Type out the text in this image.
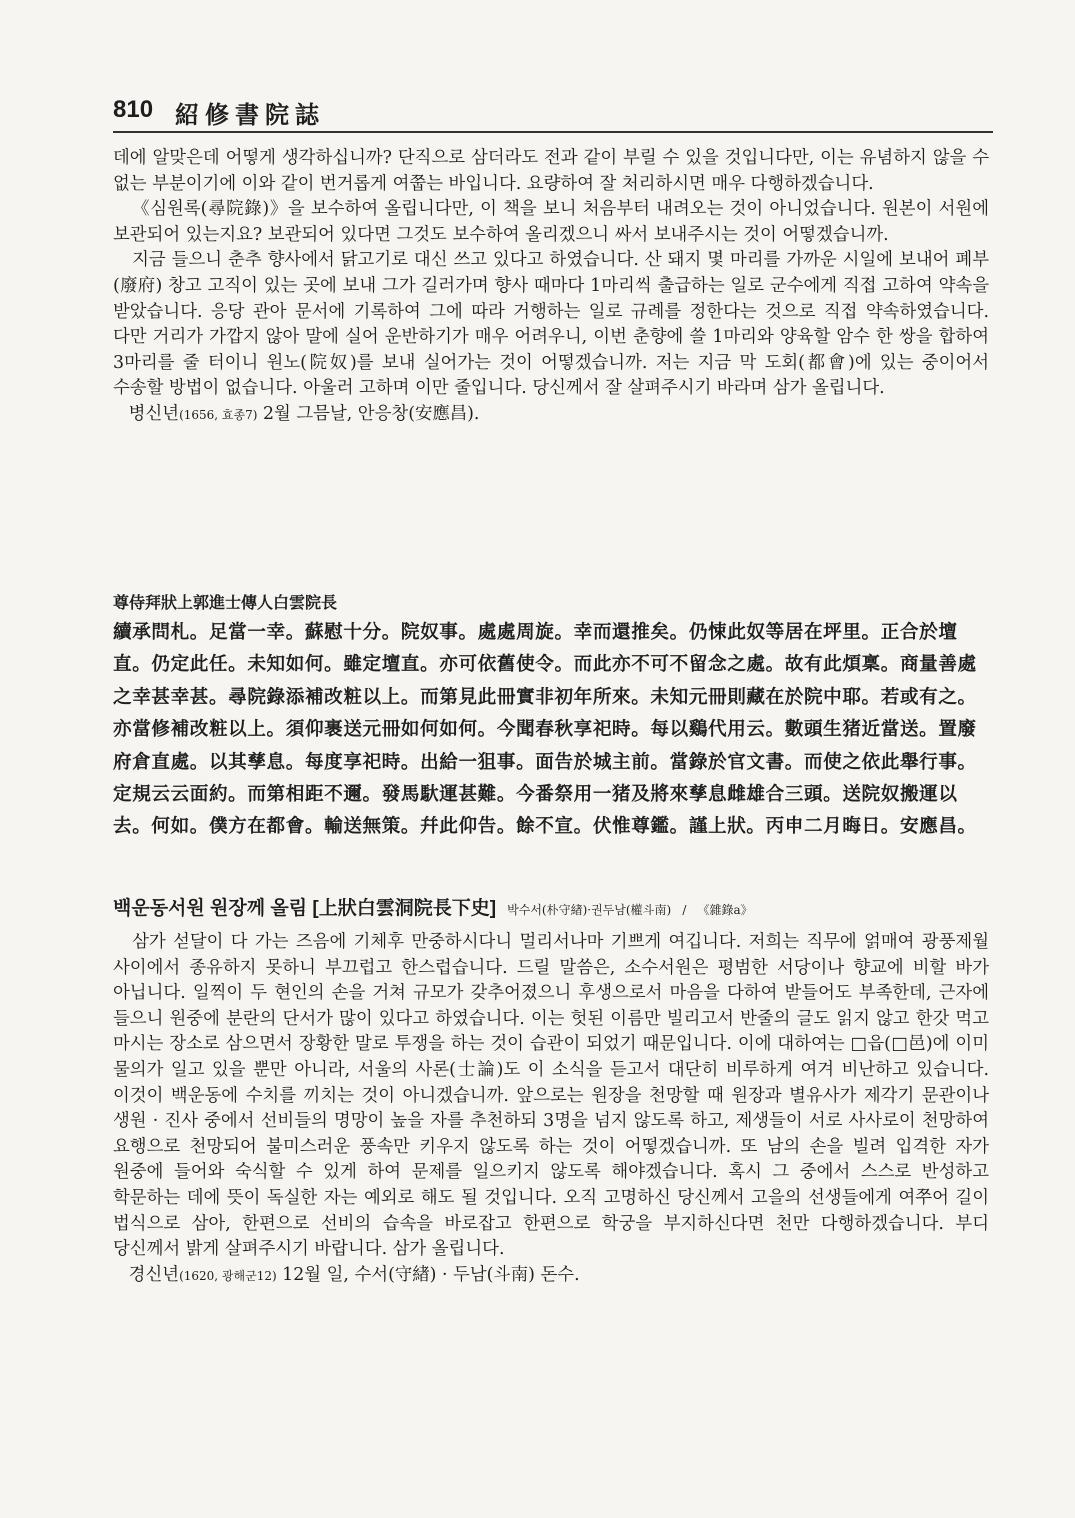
810 紹修書院誌

데에 알맞은데 어떻게 생각하십니까? 단직으로 삼더라도 전과 같이 부릴 수 있을 것입니다만, 이는 유념하지 않을 수 없는 부분이기에 이와 같이 번거롭게 여쭙는 바입니다. 요량하여 잘 처리하시면 매우 다행하겠습니다.

《심원록(尋院錄)》을 보수하여 올립니다만, 이 책을 보니 처음부터 내려오는 것이 아니었습니다. 원본이 서원에 보관되어 있는지요? 보관되어 있다면 그것도 보수하여 올리겠으니 싸서 보내주시는 것이 어떻겠습니까.

지금 들으니 춘추 향사에서 닭고기로 대신 쓰고 있다고 하였습니다. 산 돼지 몇 마리를 가까운 시일에 보내어 폐부(廢府) 창고 고직이 있는 곳에 보내 그가 길러가며 향사 때마다 1마리씩 출급하는 일로 군수에게 직접 고하여 약속을 받았습니다. 응당 관아 문서에 기록하여 그에 따라 거행하는 일로 규례를 정한다는 것으로 직접 약속하였습니다. 다만 거리가 가깝지 않아 말에 실어 운반하기가 매우 어려우니, 이번 춘향에 쓸 1마리와 양육할 암수 한 쌍을 합하여 3마리를 줄 터이니 원노(院奴)를 보내 실어가는 것이 어떻겠습니까. 저는 지금 막 도회(都會)에 있는 중이어서 수송할 방법이 없습니다. 아울러 고하며 이만 줄입니다. 당신께서 잘 살펴주시기 바라며 삼가 올립니다.

병신년(1656, 효종7) 2월 그믐날, 안응창(安應昌).

尊侍拜狀上郭進士傳人白雲院長

續承問札。足當一幸。蘇慰十分。院奴事。處處周旋。幸而還推矣。仍悚此奴等居在坪里。正合於壇直。仍定此任。未知如何。雖定壇直。亦可依舊使令。而此亦不可不留念之處。故有此煩稟。商量善處之幸甚幸甚。尋院錄添補改粧以上。而第見此冊實非初年所來。未知元冊則藏在於院中耶。若或有之。亦當修補改粧以上。須仰裹送元冊如何如何。今聞春秋享祀時。每以鷄代用云。數頭生猪近當送。置廢府倉直處。以其孳息。每度享祀時。出給一狙事。面告於城主前。當錄於官文書。而使之依此舉行事。定規云云面約。而第相距不邇。發馬馱運甚難。今番祭用一猪及將來孳息雌雄合三頭。送院奴搬運以去。何如。僕方在都會。輸送無策。幷此仰告。餘不宣。伏惟尊鑑。謹上狀。丙申二月晦日。安應昌。

백운동서원 원장께 올림 [上狀白雲洞院長下史] 박수서(朴守緖)·권두남(權斗南) / 《雜錄a》

삼가 섣달이 다 가는 즈음에 기체후 만중하시다니 멀리서나마 기쁘게 여깁니다. 저희는 직무에 얽매여 광풍제월 사이에서 종유하지 못하니 부끄럽고 한스럽습니다. 드릴 말씀은, 소수서원은 평범한 서당이나 향교에 비할 바가 아닙니다. 일찍이 두 현인의 손을 거쳐 규모가 갖추어졌으니 후생으로서 마음을 다하여 받들어도 부족한데, 근자에 들으니 원중에 분란의 단서가 많이 있다고 하였습니다. 이는 헛된 이름만 빌리고서 반줄의 글도 읽지 않고 한갓 먹고 마시는 장소로 삼으면서 장황한 말로 투쟁을 하는 것이 습관이 되었기 때문입니다. 이에 대하여는 □읍(□邑)에 이미 물의가 일고 있을 뿐만 아니라, 서울의 사론(士論)도 이 소식을 듣고서 대단히 비루하게 여겨 비난하고 있습니다. 이것이 백운동에 수치를 끼치는 것이 아니겠습니까. 앞으로는 원장을 천망할 때 원장과 별유사가 제각기 문관이나 생원 · 진사 중에서 선비들의 명망이 높을 자를 추천하되 3명을 넘지 않도록 하고, 제생들이 서로 사사로이 천망하여 요행으로 천망되어 불미스러운 풍속만 키우지 않도록 하는 것이 어떻겠습니까. 또 남의 손을 빌려 입격한 자가 원중에 들어와 숙식할 수 있게 하여 문제를 일으키지 않도록 해야겠습니다. 혹시 그 중에서 스스로 반성하고 학문하는 데에 뜻이 독실한 자는 예외로 해도 될 것입니다. 오직 고명하신 당신께서 고을의 선생들에게 여쭈어 길이 법식으로 삼아, 한편으로 선비의 습속을 바로잡고 한편으로 학궁을 부지하신다면 천만 다행하겠습니다. 부디 당신께서 밝게 살펴주시기 바랍니다. 삼가 올립니다.

경신년(1620, 광해군12) 12월 일, 수서(守緖) · 두남(斗南) 돈수.
